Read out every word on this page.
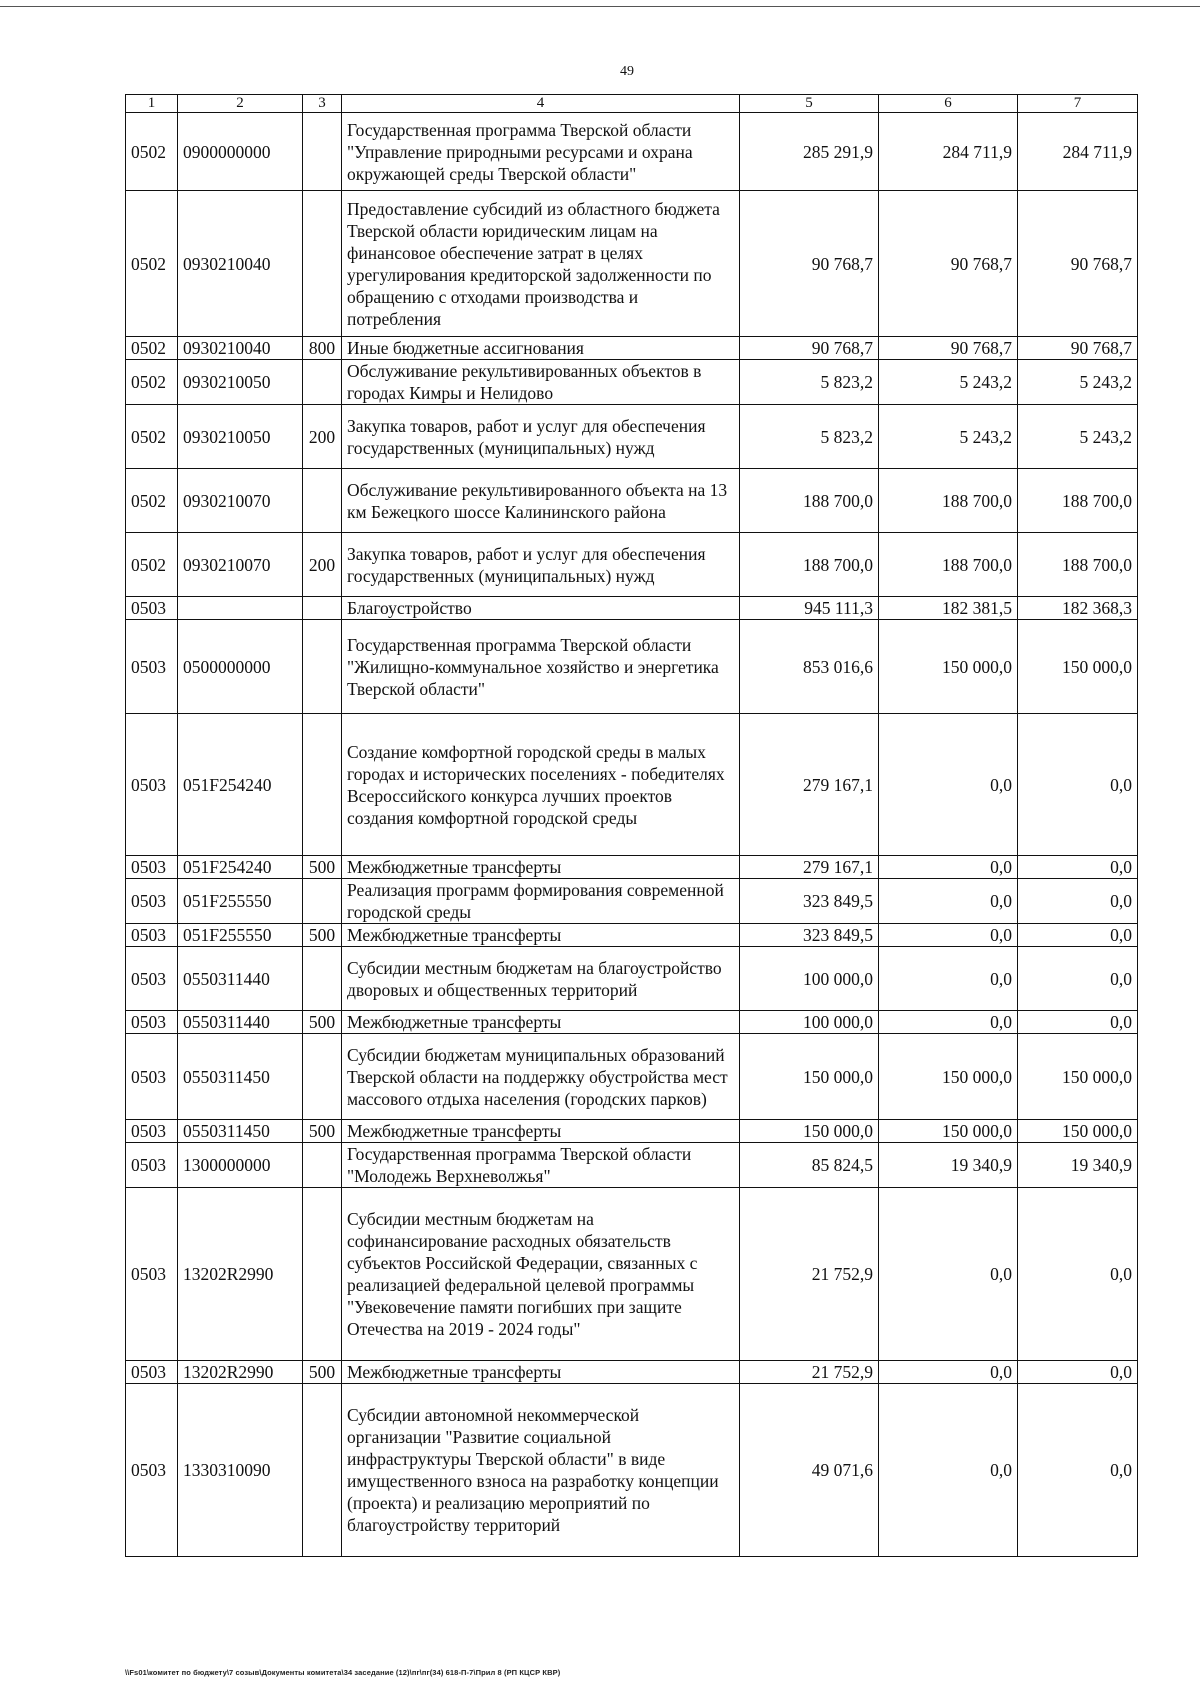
49
1	2	3	4	5	6	7
0502	0900000000		Государственная программа Тверской области "Управление природными ресурсами и охрана окружающей среды Тверской области"	285 291,9	284 711,9	284 711,9
0502	0930210040		Предоставление субсидий из областного бюджета Тверской области юридическим лицам на финансовое обеспечение затрат в целях урегулирования кредиторской задолженности по обращению с отходами производства и потрeбления	90 768,7	90 768,7	90 768,7
0502	0930210040	800	Иные бюджетные ассигнования	90 768,7	90 768,7	90 768,7
0502	0930210050		Обслуживание рекультивированных объектов в городах Кимры и Нелидово	5 823,2	5 243,2	5 243,2
0502	0930210050	200	Закупка товаров, работ и услуг для обеспечения государственных (муниципальных) нужд	5 823,2	5 243,2	5 243,2
0502	0930210070		Обслуживание рекультивированного объекта на 13 км Бежецкого шоссе Калининского района	188 700,0	188 700,0	188 700,0
0502	0930210070	200	Закупка товаров, работ и услуг для обеспечения государственных (муниципальных) нужд	188 700,0	188 700,0	188 700,0
0503			Благоустройство	945 111,3	182 381,5	182 368,3
0503	0500000000		Государственная программа Тверской области "Жилищно-коммунальное хозяйство и энергетика Тверской области"	853 016,6	150 000,0	150 000,0
0503	051F254240		Создание комфортной городской среды в малых городах и исторических поселениях - победителях Всероссийского конкурса лучших проектов создания комфортной городской среды	279 167,1	0,0	0,0
0503	051F254240	500	Межбюджетные трансферты	279 167,1	0,0	0,0
0503	051F255550		Реализация программ формирования современной городской среды	323 849,5	0,0	0,0
0503	051F255550	500	Межбюджетные трансферты	323 849,5	0,0	0,0
0503	0550311440		Субсидии местным бюджетам на благоустройство дворовых и общественных территорий	100 000,0	0,0	0,0
0503	0550311440	500	Межбюджетные трансферты	100 000,0	0,0	0,0
0503	0550311450		Субсидии бюджетам муниципальных образований Тверской области на поддержку обустройства мест массового отдыха населения (городских парков)	150 000,0	150 000,0	150 000,0
0503	0550311450	500	Межбюджетные трансферты	150 000,0	150 000,0	150 000,0
0503	1300000000		Государственная программа Тверской области "Молодежь Верхневолжья"	85 824,5	19 340,9	19 340,9
0503	13202R2990		Субсидии местным бюджетам на софинансирование расходных обязательств субъектов Российской Федерации, связанных с реализацией федеральной целевой программы "Увековечение памяти погибших при защите Отечества на 2019 - 2024 годы"	21 752,9	0,0	0,0
0503	13202R2990	500	Межбюджетные трансферты	21 752,9	0,0	0,0
0503	1330310090		Субсидии автономной некоммерческой организации "Развитие социальной инфраструктуры Тверской области" в виде имущественного взноса на разработку концепции (проекта) и реализацию мероприятий по благоустройству территорий	49 071,6	0,0	0,0
\\Fs01\комитет по бюджету\7 созыв\Документы комитета\34 заседание (12)\пг\пг(34) 618-П-7\Прил 8 (РП КЦСР КВР)
